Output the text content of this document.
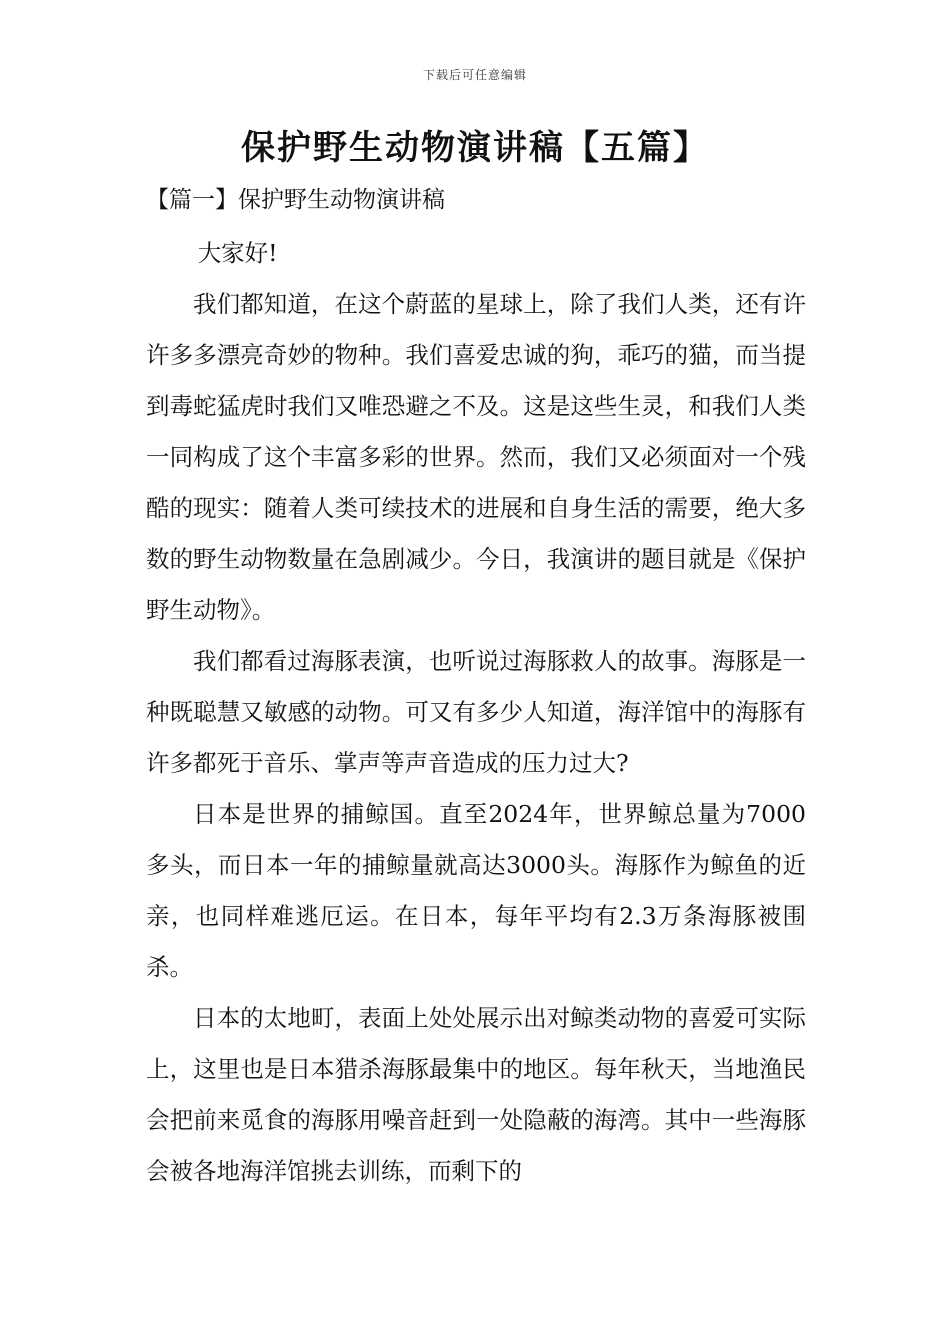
下载后可任意编辑
保护野生动物演讲稿【五篇】
【篇一】保护野生动物演讲稿

大家好!

我们都知道，在这个蔚蓝的星球上，除了我们人类，还有许许多多漂亮奇妙的物种。我们喜爱忠诚的狗，乖巧的猫，而当提到毒蛇猛虎时我们又唯恐避之不及。这是这些生灵，和我们人类一同构成了这个丰富多彩的世界。然而，我们又必须面对一个残酷的现实：随着人类可续技术的进展和自身生活的需要，绝大多数的野生动物数量在急剧减少。今日，我演讲的题目就是《保护野生动物》。

我们都看过海豚表演，也听说过海豚救人的故事。海豚是一种既聪慧又敏感的动物。可又有多少人知道，海洋馆中的海豚有许多都死于音乐、掌声等声音造成的压力过大?

日本是世界的捕鲸国。直至2024年，世界鲸总量为7000多头，而日本一年的捕鲸量就高达3000头。海豚作为鲸鱼的近亲，也同样难逃厄运。在日本，每年平均有2.3万条海豚被围杀。

日本的太地町，表面上处处展示出对鲸类动物的喜爱可实际上，这里也是日本猎杀海豚最集中的地区。每年秋天，当地渔民会把前来觅食的海豚用噪音赶到一处隐蔽的海湾。其中一些海豚会被各地海洋馆挑去训练，而剩下的
